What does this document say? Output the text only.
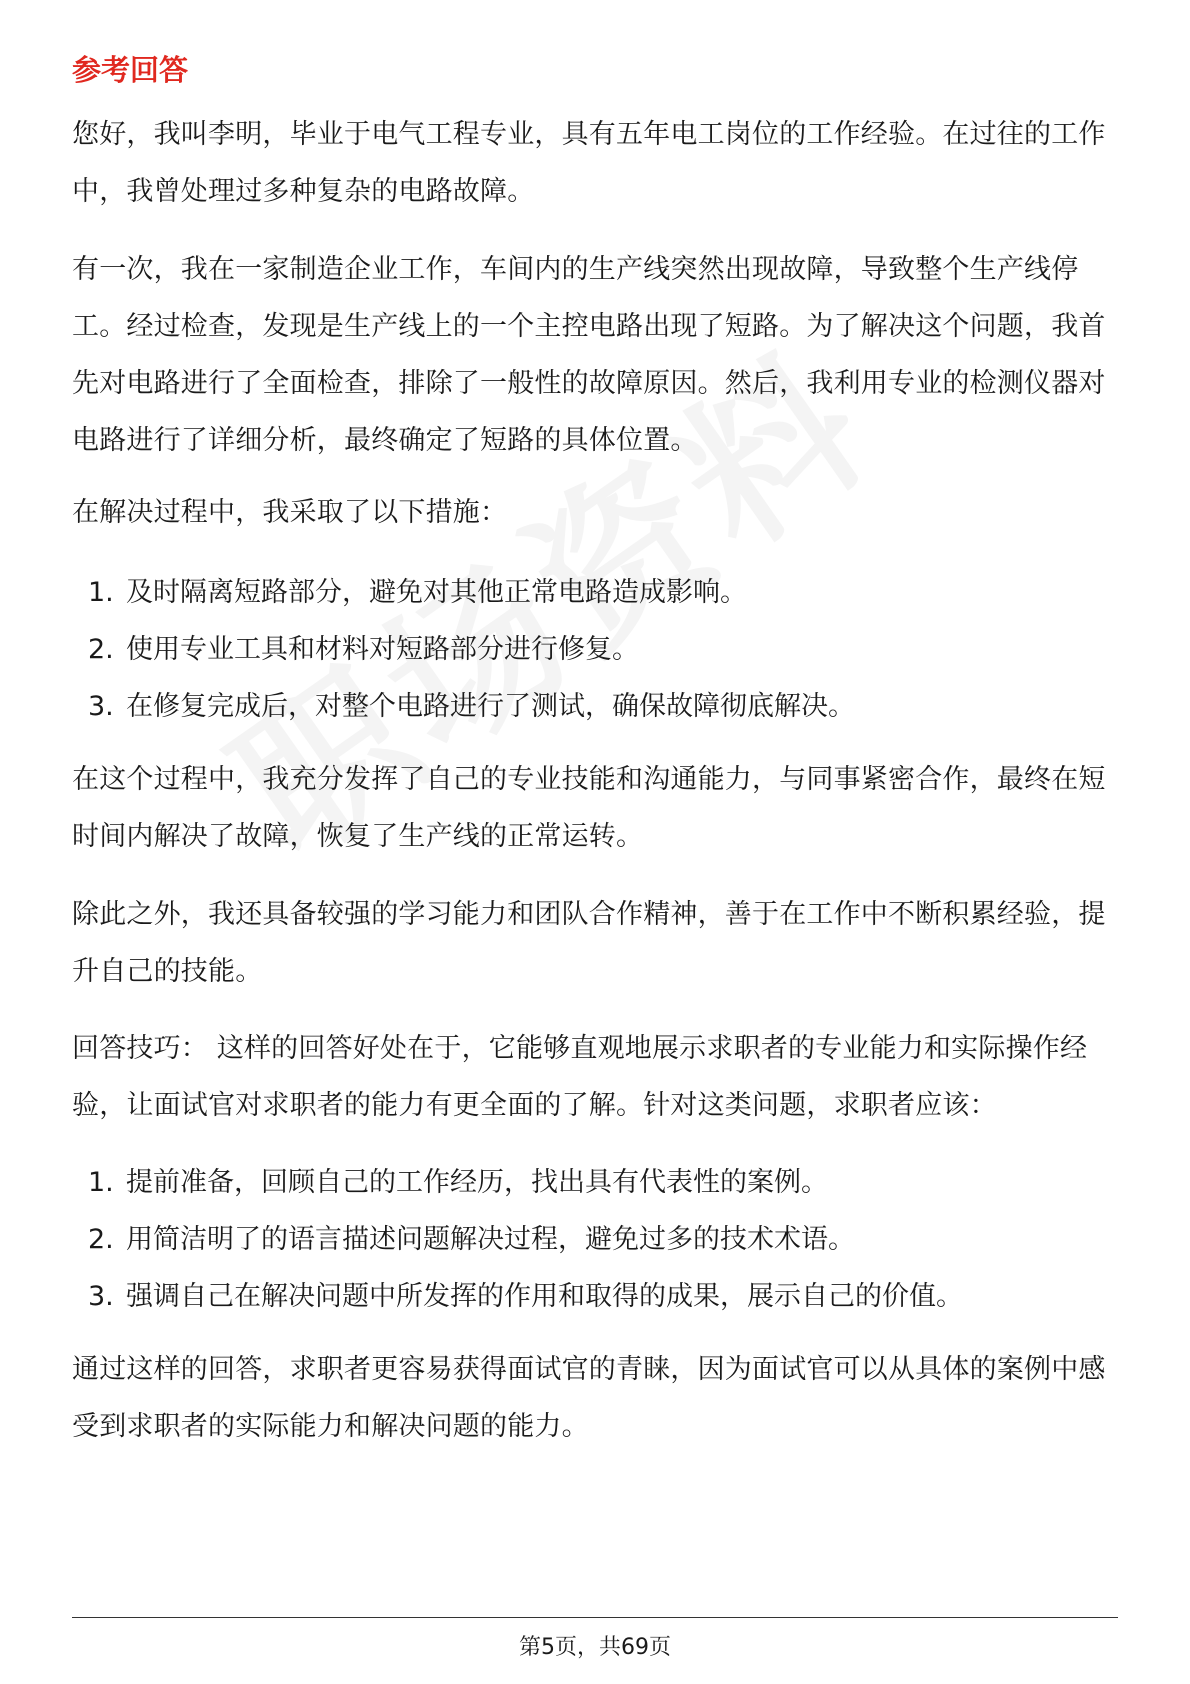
参考回答

您好，我叫李明，毕业于电气工程专业，具有五年电工岗位的工作经验。在过往的工作中，我曾处理过多种复杂的电路故障。

有一次，我在一家制造企业工作，车间内的生产线突然出现故障，导致整个生产线停工。经过检查，发现是生产线上的一个主控电路出现了短路。为了解决这个问题，我首先对电路进行了全面检查，排除了一般性的故障原因。然后，我利用专业的检测仪器对电路进行了详细分析，最终确定了短路的具体位置。

在解决过程中，我采取了以下措施：

1. 及时隔离短路部分，避免对其他正常电路造成影响。
2. 使用专业工具和材料对短路部分进行修复。
3. 在修复完成后，对整个电路进行了测试，确保故障彻底解决。

在这个过程中，我充分发挥了自己的专业技能和沟通能力，与同事紧密合作，最终在短时间内解决了故障，恢复了生产线的正常运转。

除此之外，我还具备较强的学习能力和团队合作精神，善于在工作中不断积累经验，提升自己的技能。

回答技巧： 这样的回答好处在于，它能够直观地展示求职者的专业能力和实际操作经验，让面试官对求职者的能力有更全面的了解。针对这类问题，求职者应该：

1. 提前准备，回顾自己的工作经历，找出具有代表性的案例。
2. 用简洁明了的语言描述问题解决过程，避免过多的技术术语。
3. 强调自己在解决问题中所发挥的作用和取得的成果，展示自己的价值。

通过这样的回答，求职者更容易获得面试官的青睐，因为面试官可以从具体的案例中感受到求职者的实际能力和解决问题的能力。

第5页，共69页
